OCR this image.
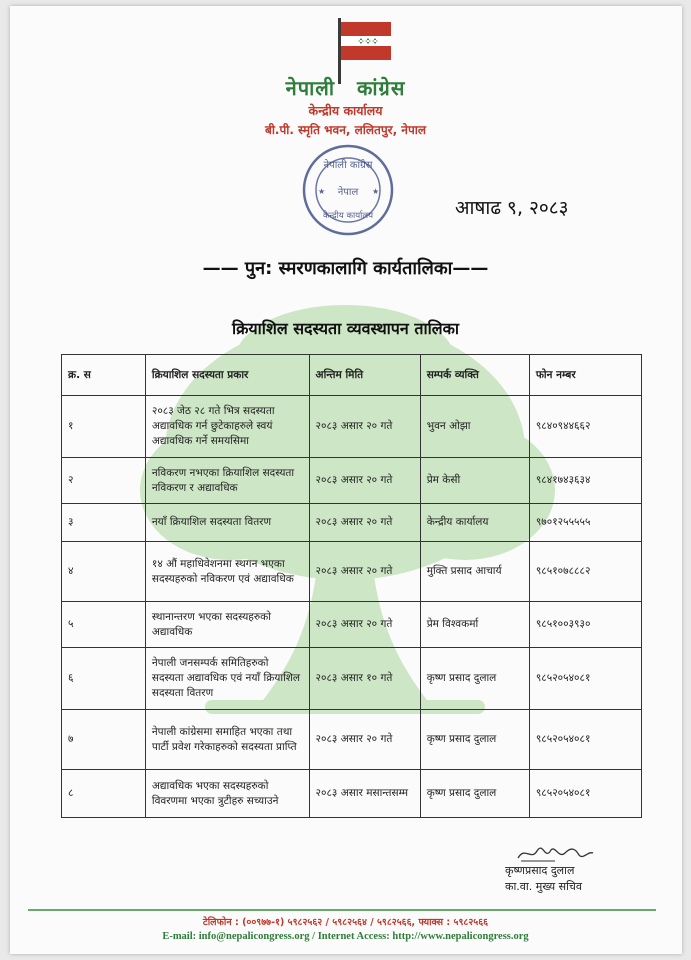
नेपाली कांग्रेस
केन्द्रीय कार्यालय
बी.पी. स्मृति भवन, ललितपुर, नेपाल
नेपाली कांग्रेस
नेपाल
केन्द्रीय कार्यालय
★	★
आषाढ ९, २०८३
—— पुन: स्मरणकालागि कार्यतालिका——
क्रियाशिल सदस्यता व्यवस्थापन तालिका
क्र. स	क्रियाशिल सदस्यता प्रकार	अन्तिम मिति	सम्पर्क व्यक्ति	फोन नम्बर
१	२०८३ जेठ २८ गते भित्र सदस्यता अद्यावधिक गर्न छुटेकाहरुले स्वयं अद्यावधिक गर्ने समयसिमा	२०८३ असार २० गते	भुवन ओझा	९८४०९४४६६२
२	नविकरण नभएका क्रियाशिल सदस्यता नविकरण र अद्यावधिक	२०८३ असार २० गते	प्रेम केसी	९८४१७४३६३४
३	नयाँ क्रियाशिल सदस्यता वितरण	२०८३ असार २० गते	केन्द्रीय कार्यालय	९७०१२५५५५५
४	१४ औं महाधिवेशनमा स्थगन भएका सदस्यहरुको नविकरण एवं अद्यावधिक	२०८३ असार २० गते	मुक्ति प्रसाद आचार्य	९८५१०७८८८२
५	स्थानान्तरण भएका सदस्यहरुको अद्यावधिक	२०८३ असार २० गते	प्रेम विश्वकर्मा	९८५१००३९३०
६	नेपाली जनसम्पर्क समितिहरुको सदस्यता अद्यावधिक एवं नयाँ क्रियाशिल सदस्यता वितरण	२०८३ असार १० गते	कृष्ण प्रसाद दुलाल	९८५२०५४०८१
७	नेपाली कांग्रेसमा समाहित भएका तथा पार्टी प्रवेश गरेकाहरुको सदस्यता प्राप्ति	२०८३ असार २० गते	कृष्ण प्रसाद दुलाल	९८५२०५४०८१
८	अद्यावधिक भएका सदस्यहरुको विवरणमा भएका त्रुटीहरु सच्याउने	२०८३ असार मसान्तसम्म	कृष्ण प्रसाद दुलाल	९८५२०५४०८१
कृष्णप्रसाद दुलाल
का.वा. मुख्य सचिव
टेलिफोन : (००९७७-१) ५९८२५६२ / ५९८२५६४ / ५९८२५६६, फ्याक्स : ५९८२५६६
E-mail: info@nepalicongress.org / Internet Access: http://www.nepalicongress.org
